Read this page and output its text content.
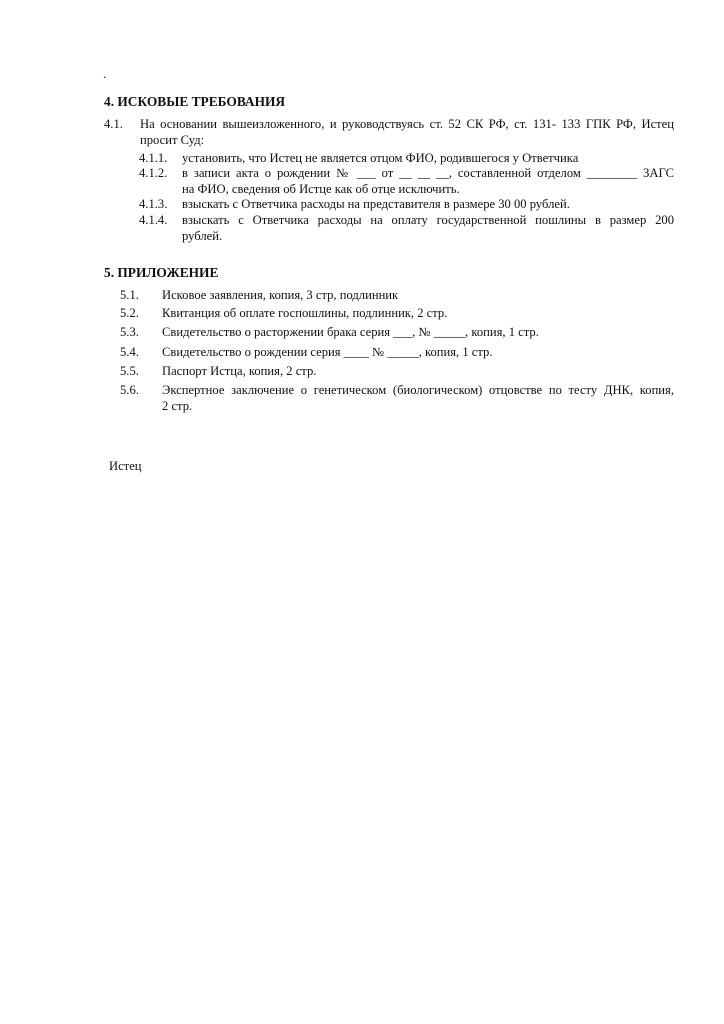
.
4. ИСКОВЫЕ ТРЕБОВАНИЯ
4.1. На основании вышеизложенного, и руководствуясь ст. 52 СК РФ, ст. 131- 133 ГПК РФ, Истец
просит Суд:
4.1.1. установить, что Истец не является отцом ФИО, родившегося у Ответчика
4.1.2. в записи акта о рождении № ___ от __ __ __, составленной отделом ________ ЗАГС
на ФИО, сведения об Истце как об отце исключить.
4.1.3. взыскать с Ответчика расходы на представителя в размере 30 00 рублей.
4.1.4. взыскать с Ответчика расходы на оплату государственной пошлины в размер 200
рублей.
5. ПРИЛОЖЕНИЕ
5.1. Исковое заявления, копия, 3 стр, подлинник
5.2. Квитанция об оплате госпошлины, подлинник, 2 стр.
5.3. Свидетельство о расторжении брака серия ___, № _____, копия, 1 стр.
5.4. Свидетельство о рождении серия ____ № _____, копия, 1 стр.
5.5. Паспорт Истца, копия, 2 стр.
5.6. Экспертное заключение о генетическом (биологическом) отцовстве по тесту ДНК, копия,
2 стр.
Истец
